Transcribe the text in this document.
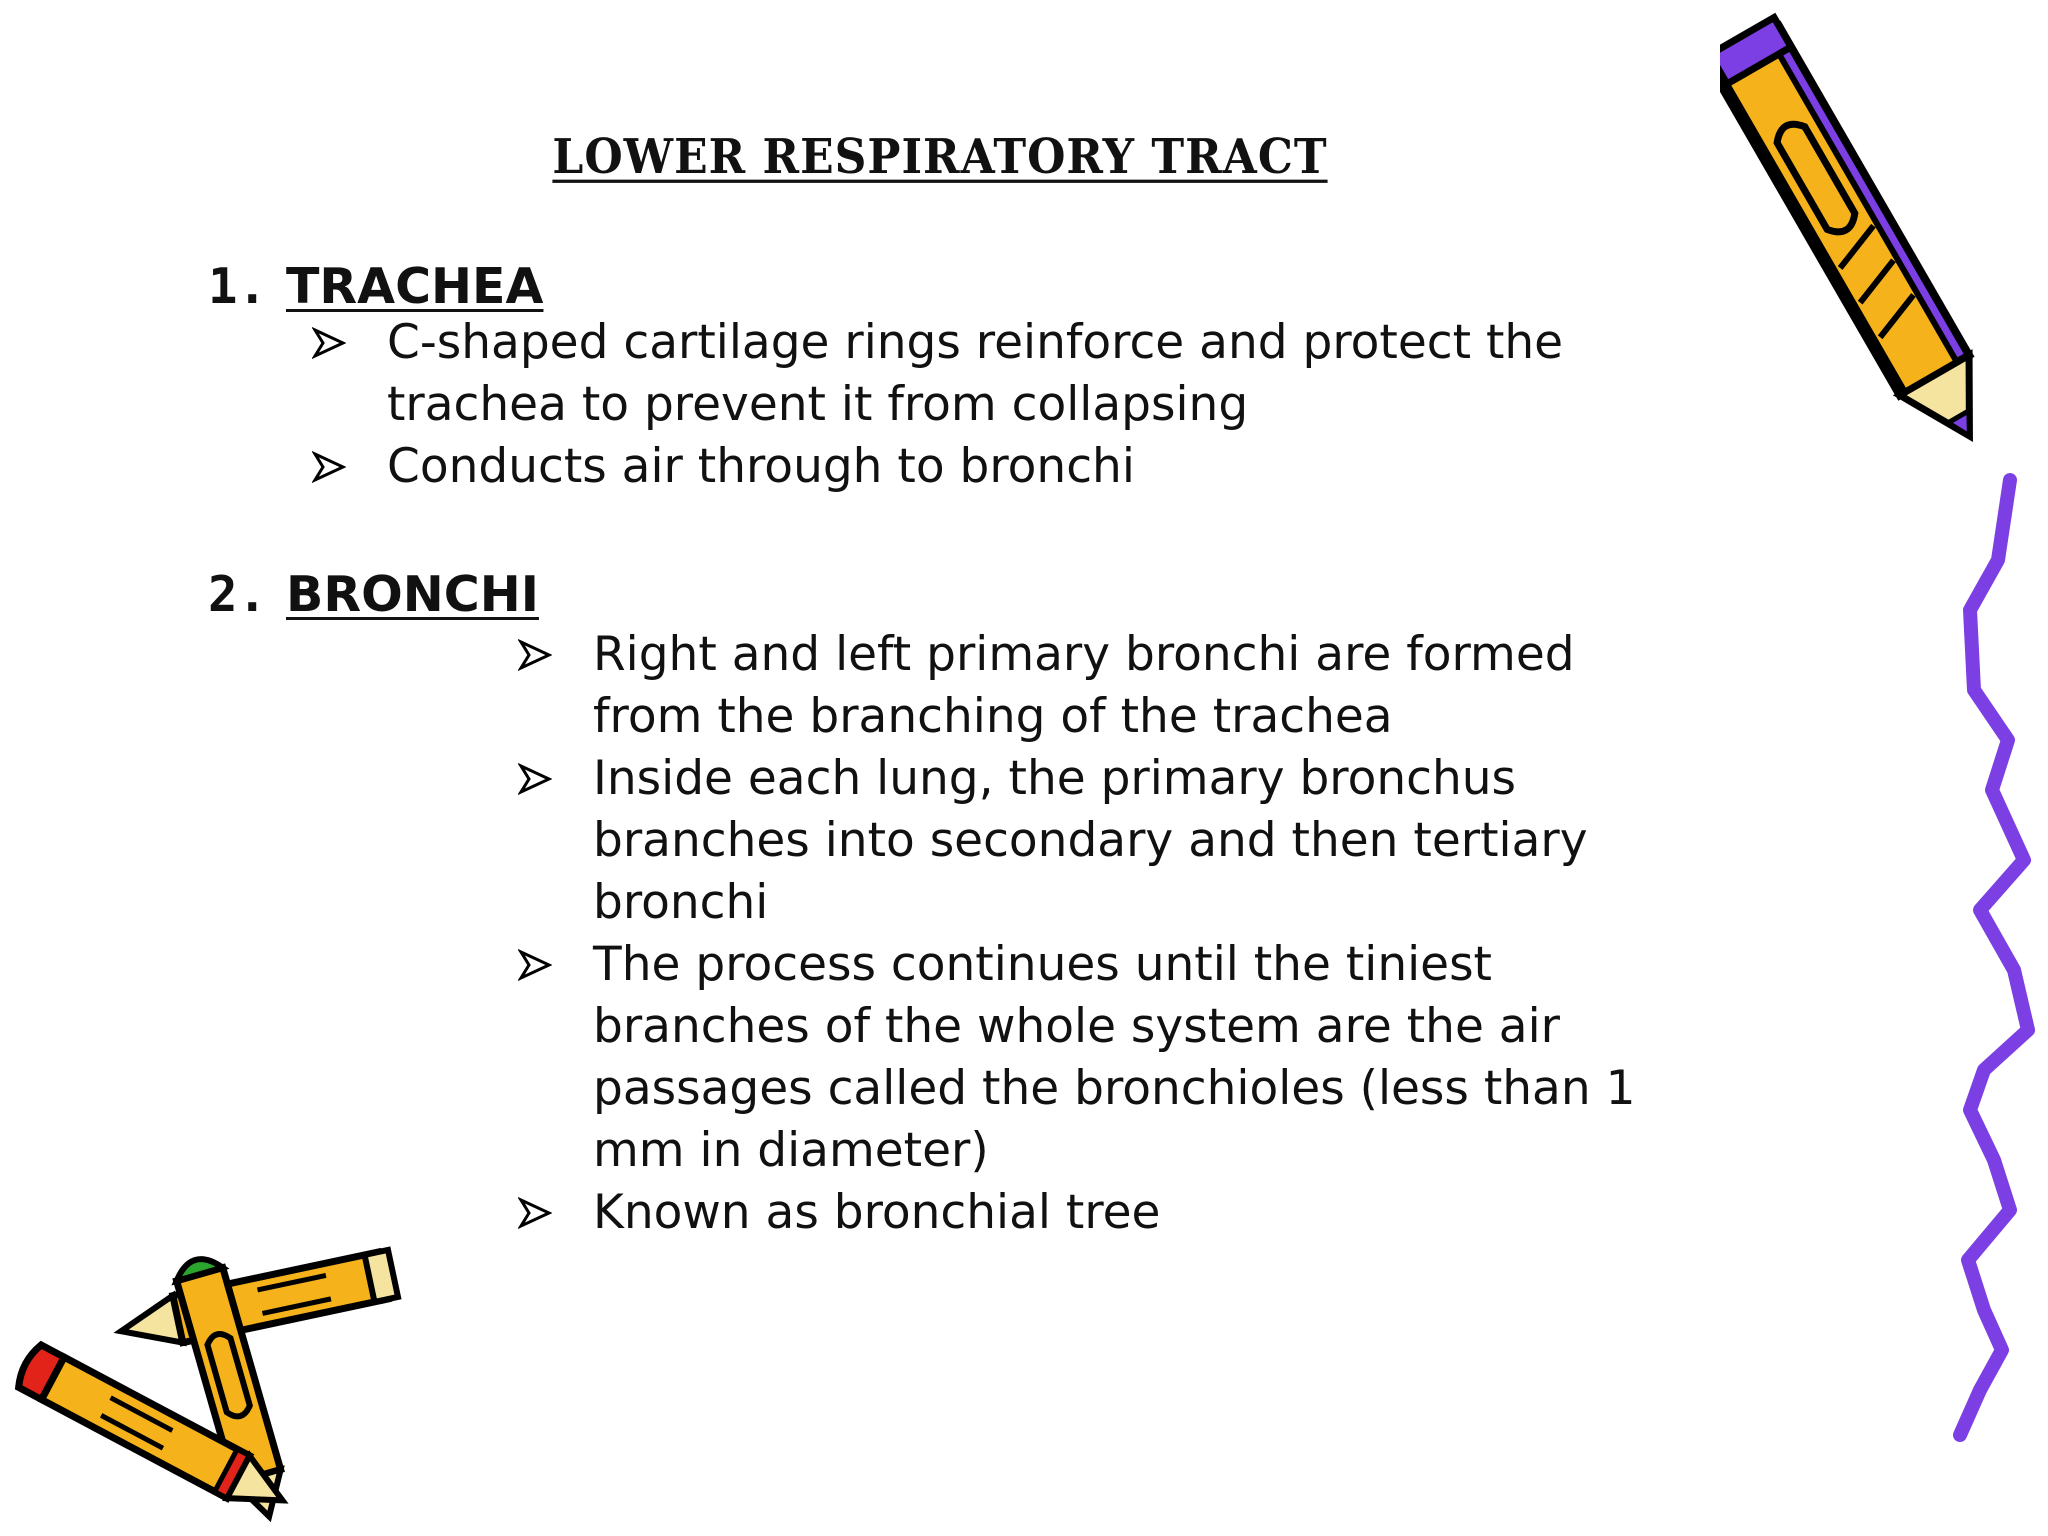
LOWER RESPIRATORY TRACT
1. TRACHEA
C-shaped cartilage rings reinforce and protect the trachea to prevent it from collapsing
Conducts air through to bronchi
2. BRONCHI
Right and left primary bronchi are formed from the branching of the trachea
Inside each lung, the primary bronchus branches into secondary and then tertiary bronchi
The process continues until the tiniest branches of the whole system are the air passages called the bronchioles (less than 1 mm in diameter)
Known as bronchial tree
